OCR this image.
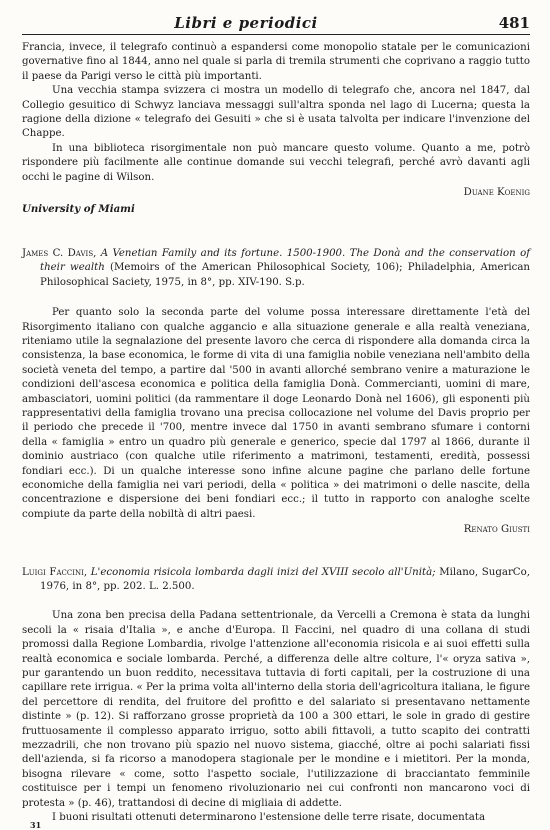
Libri e periodici	481

Francia, invece, il telegrafo continuò a espandersi come monopolio statale per le comunicazioni governative fino al 1844, anno nel quale si parla di tremila strumenti che coprivano a raggio tutto il paese da Parigi verso le città più importanti.

Una vecchia stampa svizzera ci mostra un modello di telegrafo che, ancora nel 1847, dal Collegio gesuitico di Schwyz lanciava messaggi sull'altra sponda nel lago di Lucerna; questa la ragione della dizione « telegrafo dei Gesuiti » che si è usata talvolta per indicare l'invenzione del Chappe.

In una biblioteca risorgimentale non può mancare questo volume. Quanto a me, potrò rispondere più facilmente alle continue domande sui vecchi telegrafi, perché avrò davanti agli occhi le pagine di Wilson.

Duane Koenig
University of Miami
James C. Davis, A Venetian Family and its fortune. 1500-1900. The Donà and the conservation of their wealth (Memoirs of the American Philosophical Society, 106); Philadelphia, American Philosophical Saciety, 1975, in 8°, pp. XIV-190. S.p.

Per quanto solo la seconda parte del volume possa interessare direttamente l'età del Risorgimento italiano con qualche aggancio e alla situazione generale e alla realtà veneziana, riteniamo utile la segnalazione del presente lavoro che cerca di rispondere alla domanda circa la consistenza, la base economica, le forme di vita di una famiglia nobile veneziana nell'ambito della società veneta del tempo, a partire dal '500 in avanti allorché sembrano venire a maturazione le condizioni dell'ascesa economica e politica della famiglia Donà. Commercianti, uomini di mare, ambasciatori, uomini politici (da rammentare il doge Leonardo Donà nel 1606), gli esponenti più rappresentativi della famiglia trovano una precisa collocazione nel volume del Davis proprio per il periodo che precede il '700, mentre invece dal 1750 in avanti sembrano sfumare i contorni della « famiglia » entro un quadro più generale e generico, specie dal 1797 al 1866, durante il dominio austriaco (con qualche utile riferimento a matrimoni, testamenti, eredità, possessi fondiari ecc.). Di un qualche interesse sono infine alcune pagine che parlano delle fortune economiche della famiglia nei vari periodi, della « politica » dei matrimoni o delle nascite, della concentrazione e dispersione dei beni fondiari ecc.; il tutto in rapporto con analoghe scelte compiute da parte della nobiltà di altri paesi.

Renato Giusti
Luigi Faccini, L'economia risicola lombarda dagli inizi del XVIII secolo all'Unità; Milano, SugarCo, 1976, in 8°, pp. 202. L. 2.500.

Una zona ben precisa della Padana settentrionale, da Vercelli a Cremona è stata da lunghi secoli la « risaia d'Italia », e anche d'Europa. Il Faccini, nel quadro di una collana di studi promossi dalla Regione Lombardia, rivolge l'attenzione all'economia risicola e ai suoi effetti sulla realtà economica e sociale lombarda. Perché, a differenza delle altre colture, l'« oryza sativa », pur garantendo un buon reddito, necessitava tuttavia di forti capitali, per la costruzione di una capillare rete irrigua. « Per la prima volta all'interno della storia dell'agricoltura italiana, le figure del percettore di rendita, del fruitore del profitto e del salariato si presentavano nettamente distinte » (p. 12). Si rafforzano grosse proprietà da 100 a 300 ettari, le sole in grado di gestire fruttuosamente il complesso apparato irriguo, sotto abili fittavoli, a tutto scapito dei contratti mezzadrili, che non trovano più spazio nel nuovo sistema, giacché, oltre ai pochi salariati fissi dell'azienda, si fa ricorso a manodopera stagionale per le mondine e i mietitori. Per la monda, bisogna rilevare « come, sotto l'aspetto sociale, l'utilizzazione di bracciantato femminile costituisce per i tempi un fenomeno rivoluzionario nei cui confronti non mancarono voci di protesta » (p. 46), trattandosi di decine di migliaia di addette.

I buoni risultati ottenuti determinarono l'estensione delle terre risate, documentata

31
